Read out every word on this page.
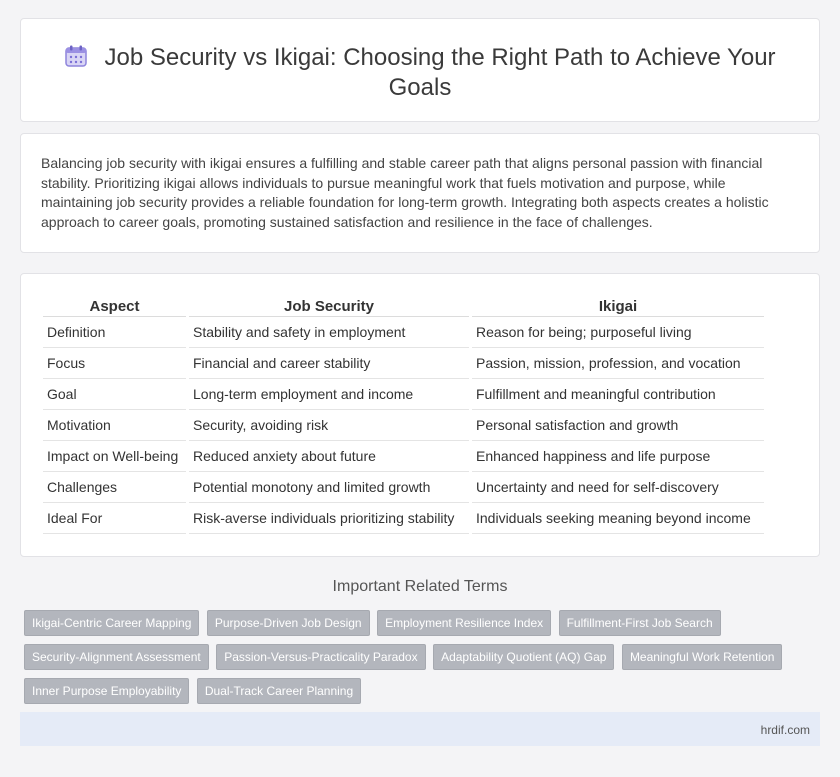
Job Security vs Ikigai: Choosing the Right Path to Achieve Your Goals

Balancing job security with ikigai ensures a fulfilling and stable career path that aligns personal passion with financial stability. Prioritizing ikigai allows individuals to pursue meaningful work that fuels motivation and purpose, while maintaining job security provides a reliable foundation for long-term growth. Integrating both aspects creates a holistic approach to career goals, promoting sustained satisfaction and resilience in the face of challenges.

Aspect	Job Security	Ikigai
Definition	Stability and safety in employment	Reason for being; purposeful living
Focus	Financial and career stability	Passion, mission, profession, and vocation
Goal	Long-term employment and income	Fulfillment and meaningful contribution
Motivation	Security, avoiding risk	Personal satisfaction and growth
Impact on Well-being	Reduced anxiety about future	Enhanced happiness and life purpose
Challenges	Potential monotony and limited growth	Uncertainty and need for self-discovery
Ideal For	Risk-averse individuals prioritizing stability	Individuals seeking meaning beyond income
Important Related Terms
Ikigai-Centric Career Mapping Purpose-Driven Job Design Employment Resilience Index Fulfillment-First Job Search Security-Alignment Assessment Passion-Versus-Practicality Paradox Adaptability Quotient (AQ) Gap Meaningful Work Retention Inner Purpose Employability Dual-Track Career Planning
hrdif.com
